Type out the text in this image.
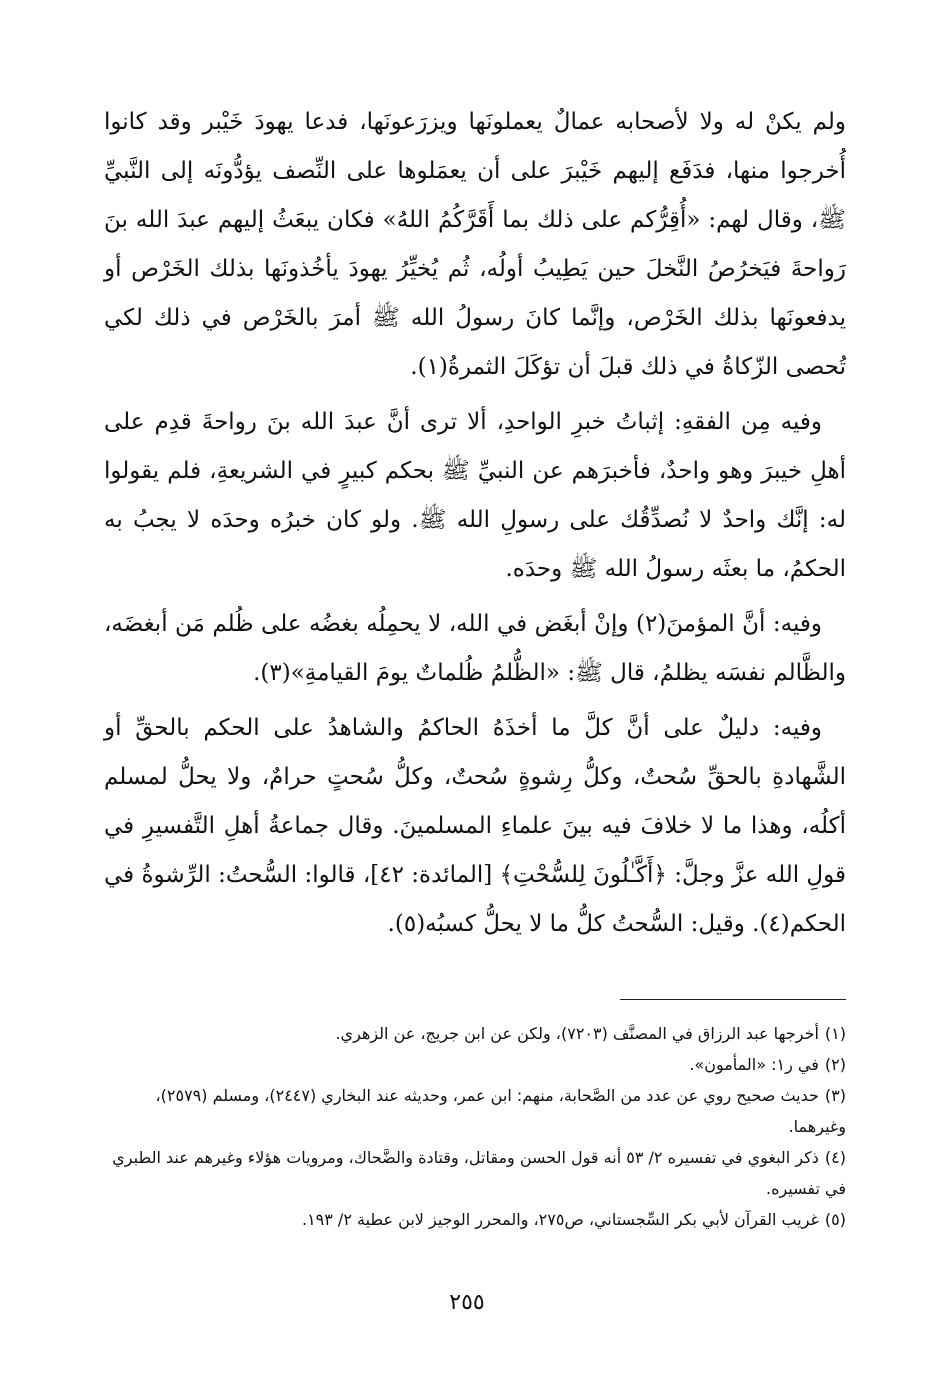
ولم يكنْ له ولا لأصحابه عمالٌ يعملونَها ويزرَعونَها، فدعا يهودَ خَيْبر وقد كانوا أُخرجوا منها، فدَفَع إليهم خَيْبرَ على أن يعمَلوها على النِّصف يؤدُّونَه إلى النَّبيِّ ﷺ، وقال لهم: «أُقِرُّكم على ذلك بما أَقَرَّكُمُ اللهُ» فكان يبعَثُ إليهم عبدَ الله بنَ رَواحةَ فيَخرُصُ النَّخلَ حين يَطِيبُ أولُه، ثُم يُخيِّرُ يهودَ يأخُذونَها بذلك الخَرْص أو يدفعونَها بذلك الخَرْص، وإنَّما كانَ رسولُ الله ﷺ أمرَ بالخَرْص في ذلك لكي تُحصى الزّكاةُ في ذلك قبلَ أن تؤكَلَ الثمرةُ(١).

وفيه مِن الفقهِ: إثباتُ خبرِ الواحدِ، ألا ترى أنَّ عبدَ الله بنَ رواحةَ قدِم على أهلِ خيبرَ وهو واحدٌ، فأخبرَهم عن النبيِّ ﷺ بحكم كبيرٍ في الشريعةِ، فلم يقولوا له: إنَّك واحدٌ لا نُصدِّقُك على رسولِ الله ﷺ. ولو كان خبرُه وحدَه لا يجبُ به الحكمُ، ما بعثَه رسولُ الله ﷺ وحدَه.

وفيه: أنَّ المؤمنَ(٢) وإنْ أبغَض في الله، لا يحمِلُه بغضُه على ظُلم مَن أبغضَه، والظَّالم نفسَه يظلمُ، قال ﷺ: «الظُّلمُ ظُلماتٌ يومَ القيامةِ»(٣).

وفيه: دليلٌ على أنَّ كلَّ ما أخذَهُ الحاكمُ والشاهدُ على الحكم بالحقِّ أو الشَّهادةِ بالحقِّ سُحتٌ، وكلُّ رِشوةٍ سُحتٌ، وكلُّ سُحتٍ حرامٌ، ولا يحلُّ لمسلم أكلُه، وهذا ما لا خلافَ فيه بينَ علماءِ المسلمينَ. وقال جماعةُ أهلِ التَّفسيرِ في قولِ الله عزَّ وجلَّ: ﴿أَكَّـٰلُونَ لِلسُّحْتِ﴾ [المائدة: ٤٢]، قالوا: السُّحتُ: الرِّشوةُ في الحكم(٤). وقيل: السُّحتُ كلُّ ما لا يحلُّ كسبُه(٥).

(١)أخرجها عبد الرزاق في المصنَّف (٧٢٠٣)، ولكن عن ابن جريج، عن الزهري.

(٢)في ر١: «المأمون».

(٣)حديث صحيح روي عن عدد من الصَّحابة، منهم: ابن عمر، وحديثه عند البخاري (٢٤٤٧)، ومسلم (٢٥٧٩)، وغيرهما.

(٤)ذكر البغوي في تفسيره ٢/ ٥٣ أنه قول الحسن ومقاتل، وقتادة والضَّحاك، ومرويات هؤلاء وغيرهم عند الطبري في تفسيره.

(٥)غريب القرآن لأبي بكر السِّجستاني، ص٢٧٥، والمحرر الوجيز لابن عطية ٢/ ١٩٣.

٢٥٥
